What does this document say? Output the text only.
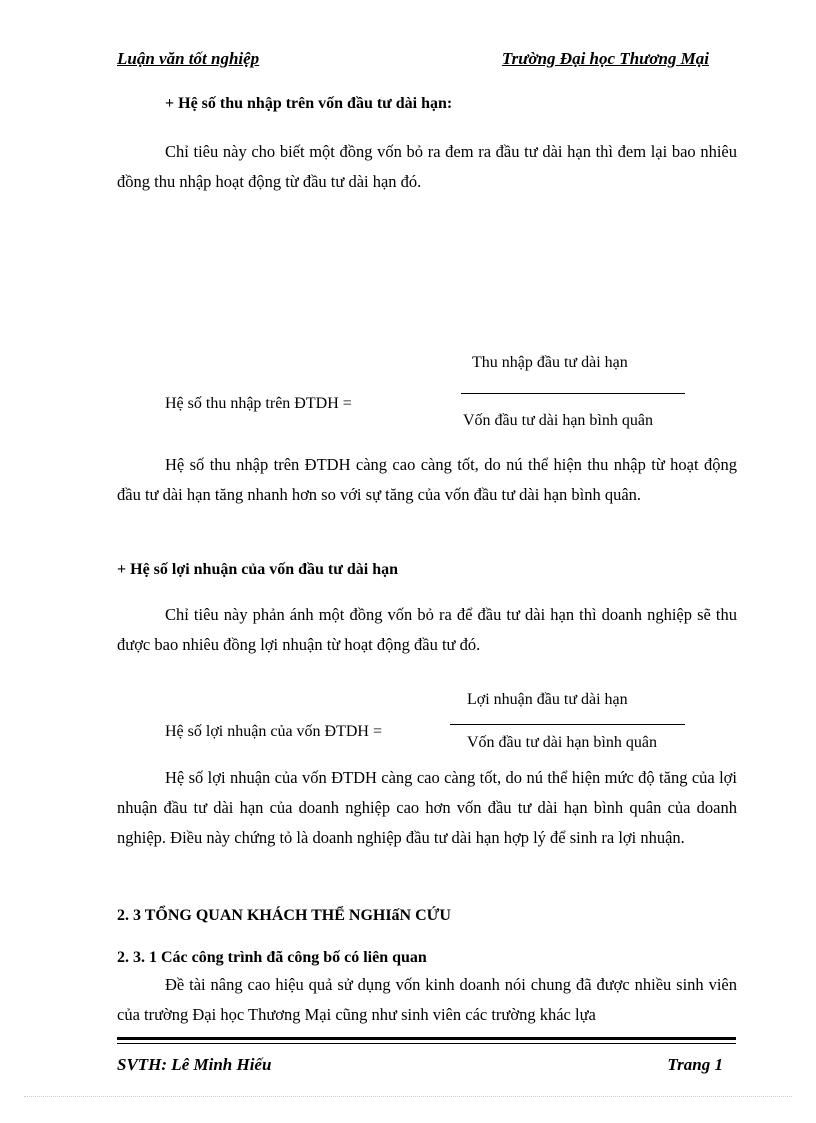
Luận văn tốt nghiệp	Trường Đại học Thương Mại
+ Hệ số thu nhập trên vốn đầu tư dài hạn:

Chỉ tiêu này cho biết một đồng vốn bỏ ra đem ra đầu tư dài hạn thì đem lại bao nhiêu đồng thu nhập hoạt động từ đầu tư dài hạn đó.

Thu nhập đầu tư dài hạn
Hệ số thu nhập trên ĐTDH =
Vốn đầu tư dài hạn bình quân

Hệ số thu nhập trên ĐTDH càng cao càng tốt, do nú thể hiện thu nhập từ hoạt động đầu tư dài hạn tăng nhanh hơn so với sự tăng của vốn đầu tư dài hạn bình quân.

+ Hệ số lợi nhuận của vốn đầu tư dài hạn

Chỉ tiêu này phản ánh một đồng vốn bỏ ra để đầu tư dài hạn thì doanh nghiệp sẽ thu được bao nhiêu đồng lợi nhuận từ hoạt động đầu tư đó.

Lợi nhuận đầu tư dài hạn
Hệ số lợi nhuận của vốn ĐTDH =
Vốn đầu tư dài hạn bình quân

Hệ số lợi nhuận của vốn ĐTDH càng cao càng tốt, do nú thể hiện mức độ tăng của lợi nhuận đầu tư dài hạn của doanh nghiệp cao hơn vốn đầu tư dài hạn bình quân của doanh nghiệp. Điều này chứng tỏ là doanh nghiệp đầu tư dài hạn hợp lý để sinh ra lợi nhuận.

2. 3 TỔNG QUAN KHÁCH THỂ NGHIấN CỨU
2. 3. 1 Các công trình đã công bố có liên quan

Đề tài nâng cao hiệu quả sử dụng vốn kinh doanh nói chung đã được nhiều sinh viên của trường Đại học Thương Mại cũng như sinh viên các trường khác lựa

SVTH: Lê Minh Hiếu	Trang 1
